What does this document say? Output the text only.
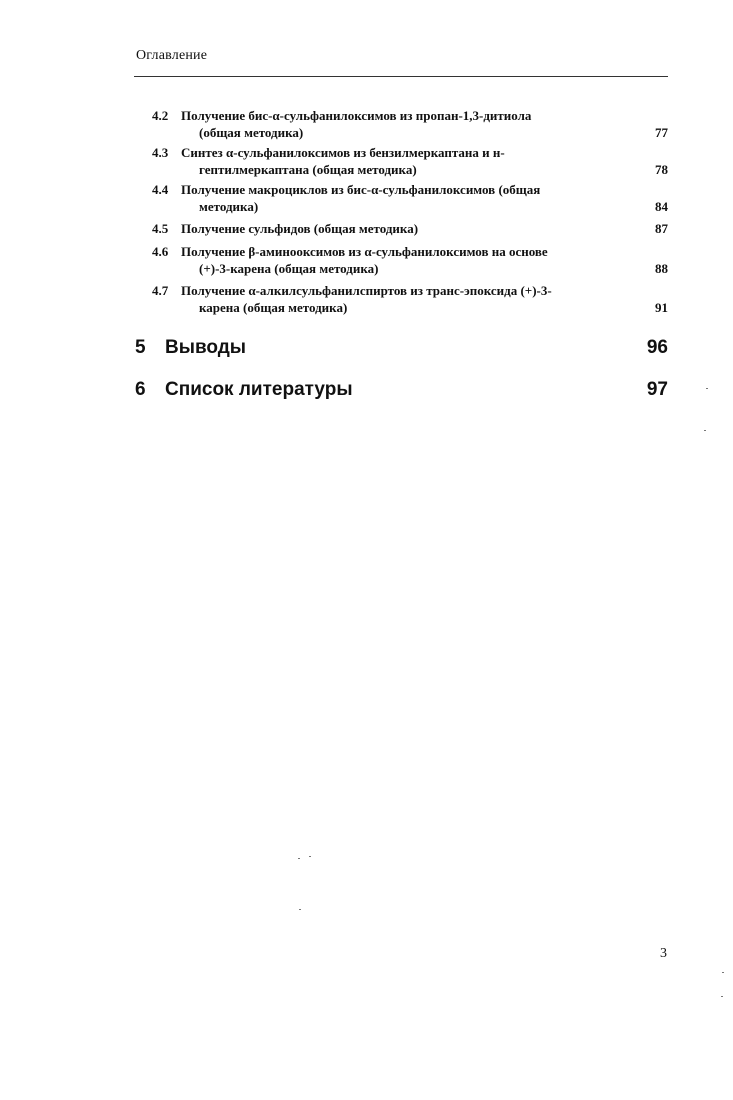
Оглавление
4.2 Получение бис-α-сульфанилоксимов из пропан-1,3-дитиола
(общая методика)	77
4.3 Синтез α-сульфанилоксимов из бензилмеркаптана и н-
гептилмеркаптана (общая методика)	78
4.4 Получение макроциклов из бис-α-сульфанилоксимов (общая
методика)	84
4.5 Получение сульфидов (общая методика)	87
4.6 Получение β-аминооксимов из α-сульфанилоксимов на основе
(+)-3-карена (общая методика)	88
4.7 Получение α-алкилсульфанилспиртов из транс-эпоксида (+)-3-
карена (общая методика)	91
5 Выводы	96
6 Список литературы	97
3
